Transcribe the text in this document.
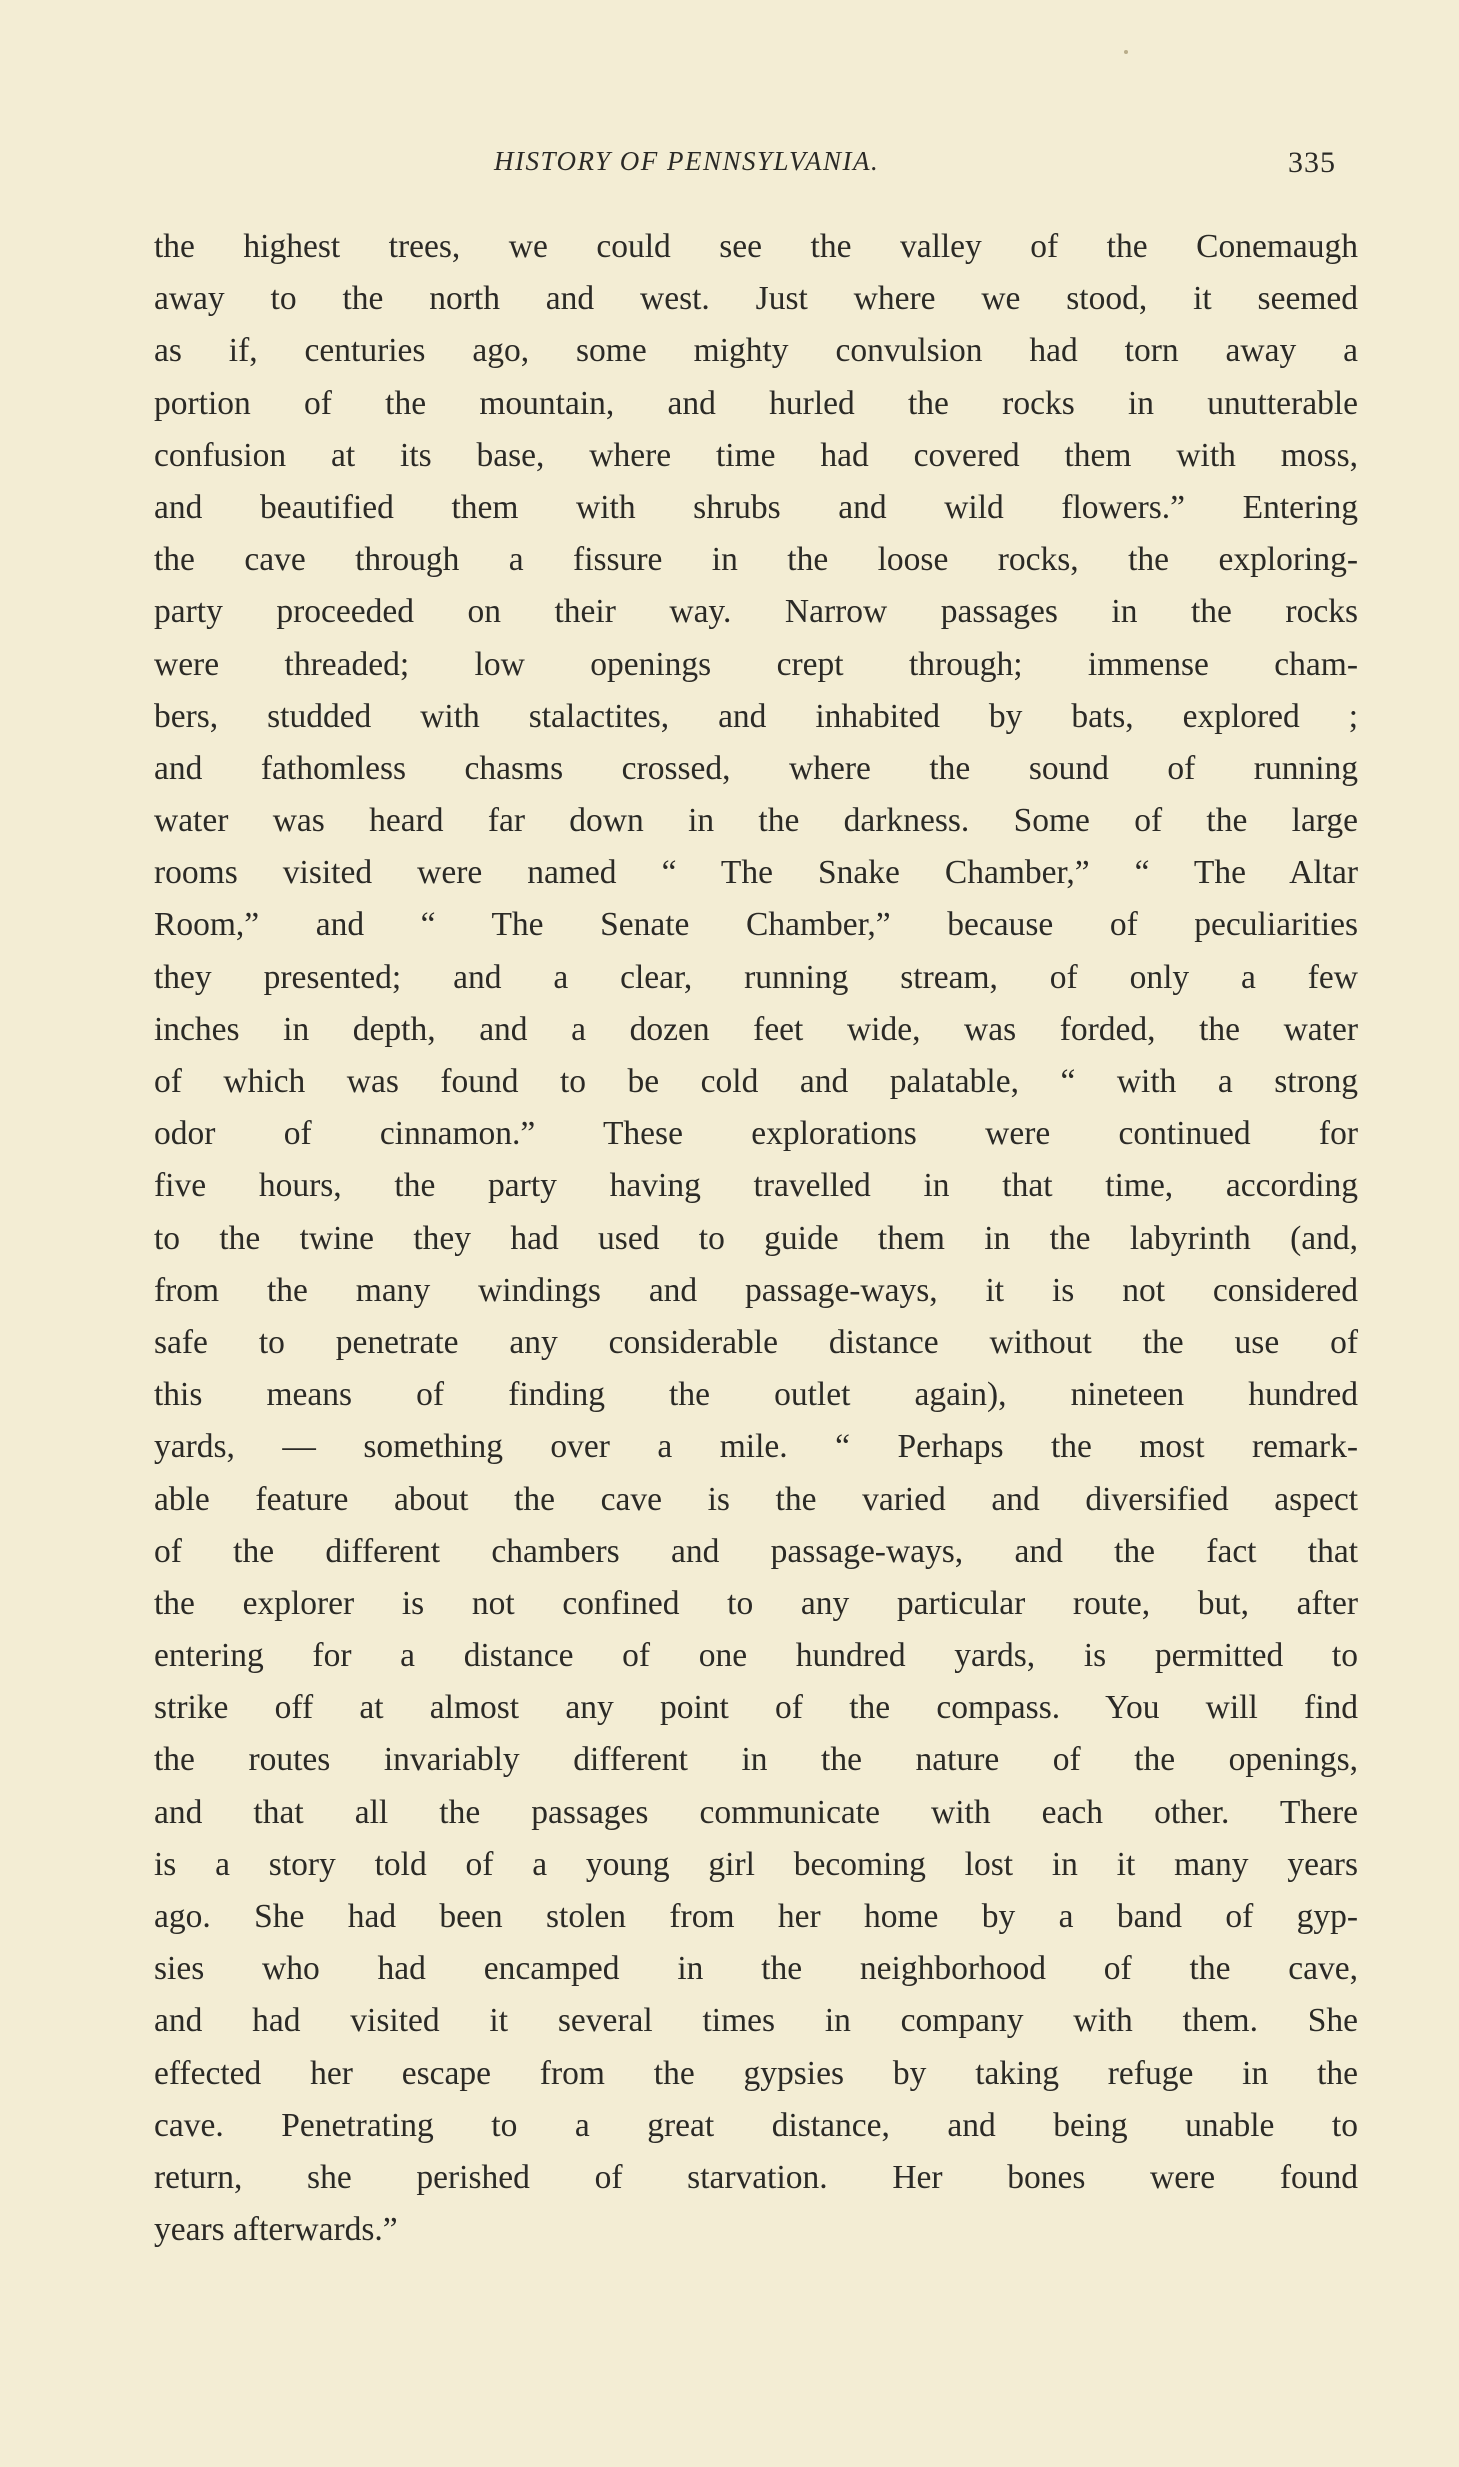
HISTORY OF PENNSYLVANIA.	335
the highest trees, we could see the valley of the Conemaugh
away to the north and west. Just where we stood, it seemed
as if, centuries ago, some mighty convulsion had torn away a
portion of the mountain, and hurled the rocks in unutterable
confusion at its base, where time had covered them with moss,
and beautified them with shrubs and wild flowers.” Entering
the cave through a fissure in the loose rocks, the exploring-
party proceeded on their way. Narrow passages in the rocks
were threaded; low openings crept through; immense cham-
bers, studded with stalactites, and inhabited by bats, explored ;
and fathomless chasms crossed, where the sound of running
water was heard far down in the darkness. Some of the large
rooms visited were named “ The Snake Chamber,” “ The Altar
Room,” and “ The Senate Chamber,” because of peculiarities
they presented; and a clear, running stream, of only a few
inches in depth, and a dozen feet wide, was forded, the water
of which was found to be cold and palatable, “ with a strong
odor of cinnamon.” These explorations were continued for
five hours, the party having travelled in that time, according
to the twine they had used to guide them in the labyrinth (and,
from the many windings and passage-ways, it is not considered
safe to penetrate any considerable distance without the use of
this means of finding the outlet again), nineteen hundred
yards, — something over a mile. “ Perhaps the most remark-
able feature about the cave is the varied and diversified aspect
of the different chambers and passage-ways, and the fact that
the explorer is not confined to any particular route, but, after
entering for a distance of one hundred yards, is permitted to
strike off at almost any point of the compass. You will find
the routes invariably different in the nature of the openings,
and that all the passages communicate with each other. There
is a story told of a young girl becoming lost in it many years
ago. She had been stolen from her home by a band of gyp-
sies who had encamped in the neighborhood of the cave,
and had visited it several times in company with them. She
effected her escape from the gypsies by taking refuge in the
cave. Penetrating to a great distance, and being unable to
return, she perished of starvation. Her bones were found
years afterwards.”
